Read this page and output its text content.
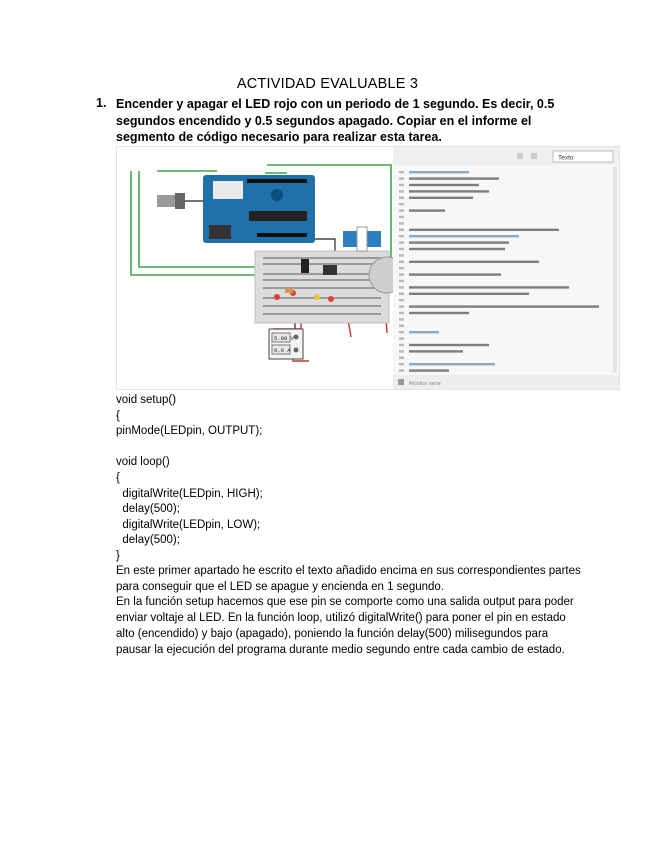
ACTIVIDAD EVALUABLE 3
1. Encender y apagar el LED rojo con un periodo de 1 segundo. Es decir, 0.5 segundos encendido y 0.5 segundos apagado. Copiar en el informe el segmento de código necesario para realizar esta tarea.
5.00 V
0.0 A
Texto
Monitor serie
void setup()
{
pinMode(LEDpin, OUTPUT);
void loop()
{
digitalWrite(LEDpin, HIGH);
delay(500);
digitalWrite(LEDpin, LOW);
delay(500);
}

En este primer apartado he escrito el texto añadido encima en sus correspondientes partes para conseguir que el LED se apague y encienda en 1 segundo.

En la función setup hacemos que ese pin se comporte como una salida output para poder enviar voltaje al LED. En la función loop, utilizó digitalWrite() para poner el pin en estado alto (encendido) y bajo (apagado), poniendo la función delay(500) milisegundos para pausar la ejecución del programa durante medio segundo entre cada cambio de estado.
